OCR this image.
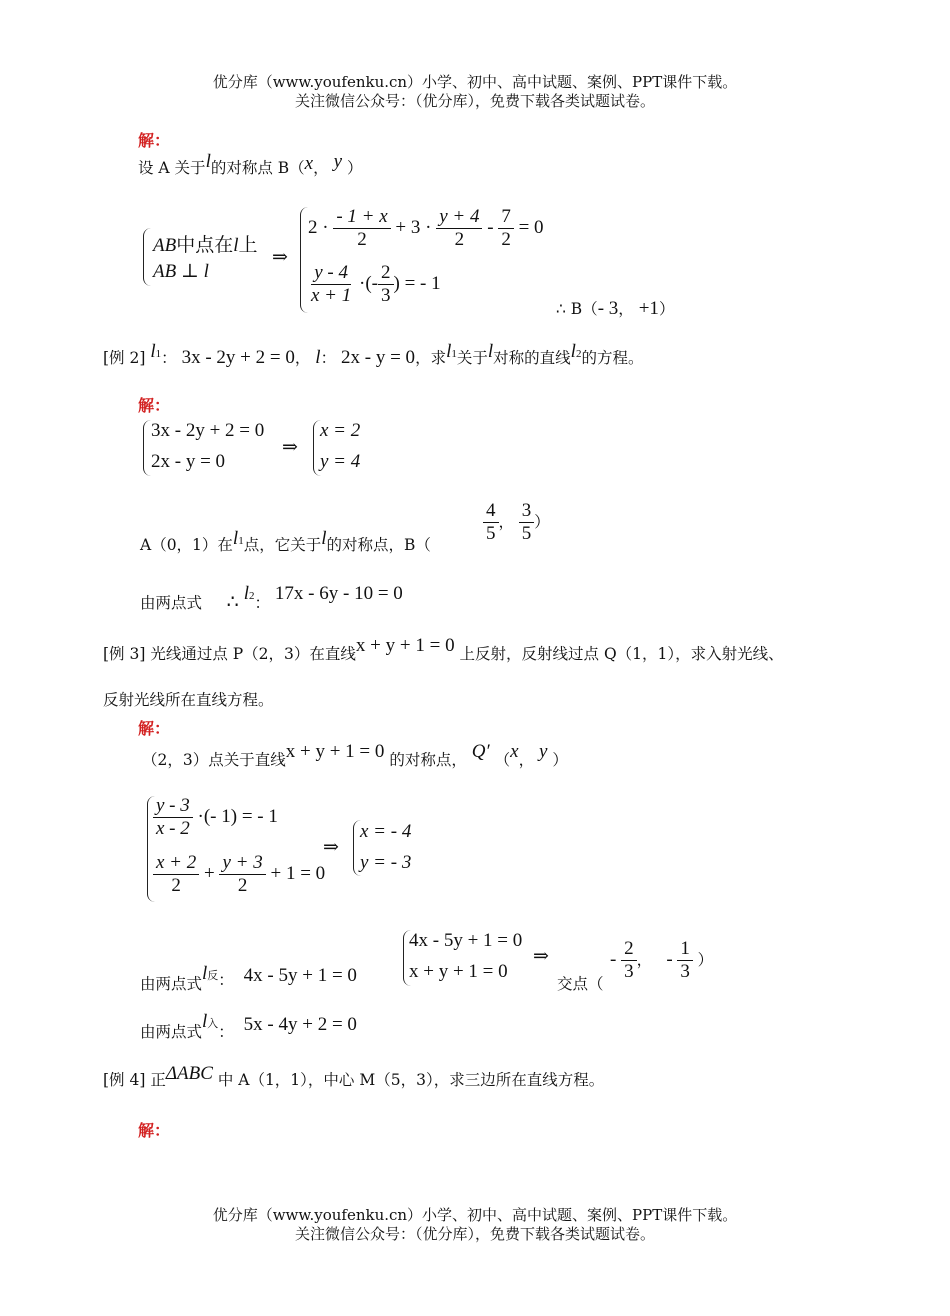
优分库（www.youfenku.cn）小学、初中、高中试题、案例、PPT课件下载。
关注微信公众号：（优分库），免费下载各类试题试卷。
解：
设 A 关于l的对称点 B（x， y ）
AB中点在l上
AB ⊥ l
⇒
$2 \cdot \frac{- 1 + x}{2} + 3 \cdot \frac{y + 4}{2} - \frac{7}{2} = 0$
$\frac{y - 4}{x + 1}$ ·(- $\frac{2}{3}$ ) = - 1
∴ B（- 3， +1）
[例 2] l1： 3x - 2y + 2 = 0， l： 2x - y = 0，求l1关于l对称的直线l2的方程。
解：
3x - 2y + 2 = 0
2x - y = 0
⇒
x = 2
y = 4
A（0，1）在l1点，它关于l的对称点，B（	$\frac{4}{5}$ ， $\frac{3}{5}$ ）
由两点式 ∴ l2： 17x - 6y - 10 = 0
[例 3] 光线通过点 P（2，3）在直线x + y + 1 = 0 上反射，反射线过点 Q（1，1），求入射光线、
反射光线所在直线方程。
解：
（2，3）点关于直线x + y + 1 = 0 的对称点， Q′ （x， y ）
$\frac{y - 3}{x - 2}$ ·(- 1) = - 1
$\frac{x + 2}{2} + \frac{y + 3}{2} + 1 = 0$
⇒
x = - 4
y = - 3
由两点式l反： 4x - 5y + 1 = 0
4x - 5y + 1 = 0
x + y + 1 = 0
⇒
交点（
- $\frac{2}{3}$ ， - $\frac{1}{3}$ ）
由两点式l入： 5x - 4y + 2 = 0
[例 4] 正ΔABC 中 A（1，1），中心 M（5，3），求三边所在直线方程。
解：
优分库（www.youfenku.cn）小学、初中、高中试题、案例、PPT课件下载。
关注微信公众号：（优分库），免费下载各类试题试卷。
